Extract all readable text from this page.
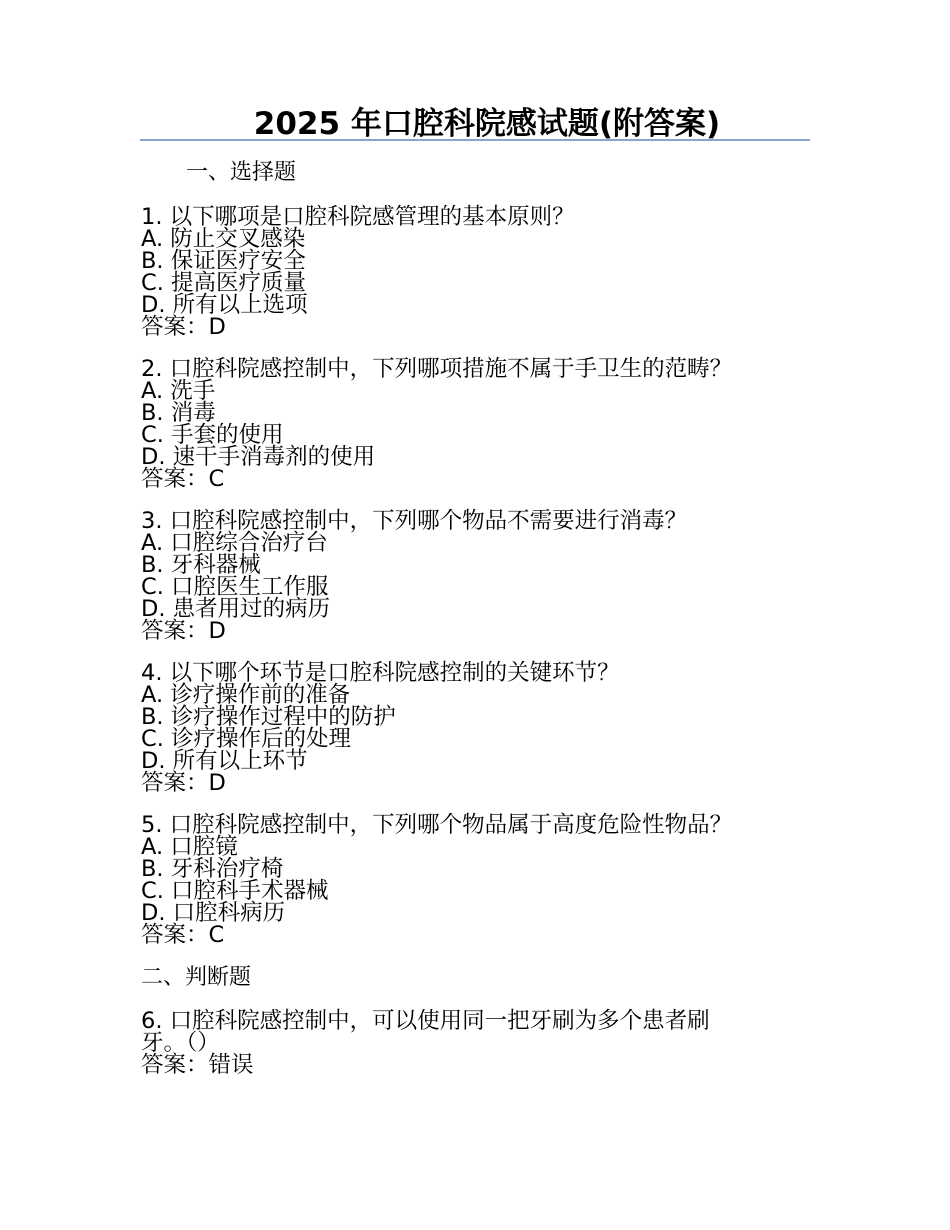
2025 年口腔科院感试题(附答案)
一、选择题
1. 以下哪项是口腔科院感管理的基本原则？
A. 防止交叉感染
B. 保证医疗安全
C. 提高医疗质量
D. 所有以上选项
答案：D
2. 口腔科院感控制中，下列哪项措施不属于手卫生的范畴？
A. 洗手
B. 消毒
C. 手套的使用
D. 速干手消毒剂的使用
答案：C
3. 口腔科院感控制中，下列哪个物品不需要进行消毒？
A. 口腔综合治疗台
B. 牙科器械
C. 口腔医生工作服
D. 患者用过的病历
答案：D
4. 以下哪个环节是口腔科院感控制的关键环节？
A. 诊疗操作前的准备
B. 诊疗操作过程中的防护
C. 诊疗操作后的处理
D. 所有以上环节
答案：D
5. 口腔科院感控制中，下列哪个物品属于高度危险性物品？
A. 口腔镜
B. 牙科治疗椅
C. 口腔科手术器械
D. 口腔科病历
答案：C
二、判断题
6. 口腔科院感控制中，可以使用同一把牙刷为多个患者刷
牙。（）
答案：错误
